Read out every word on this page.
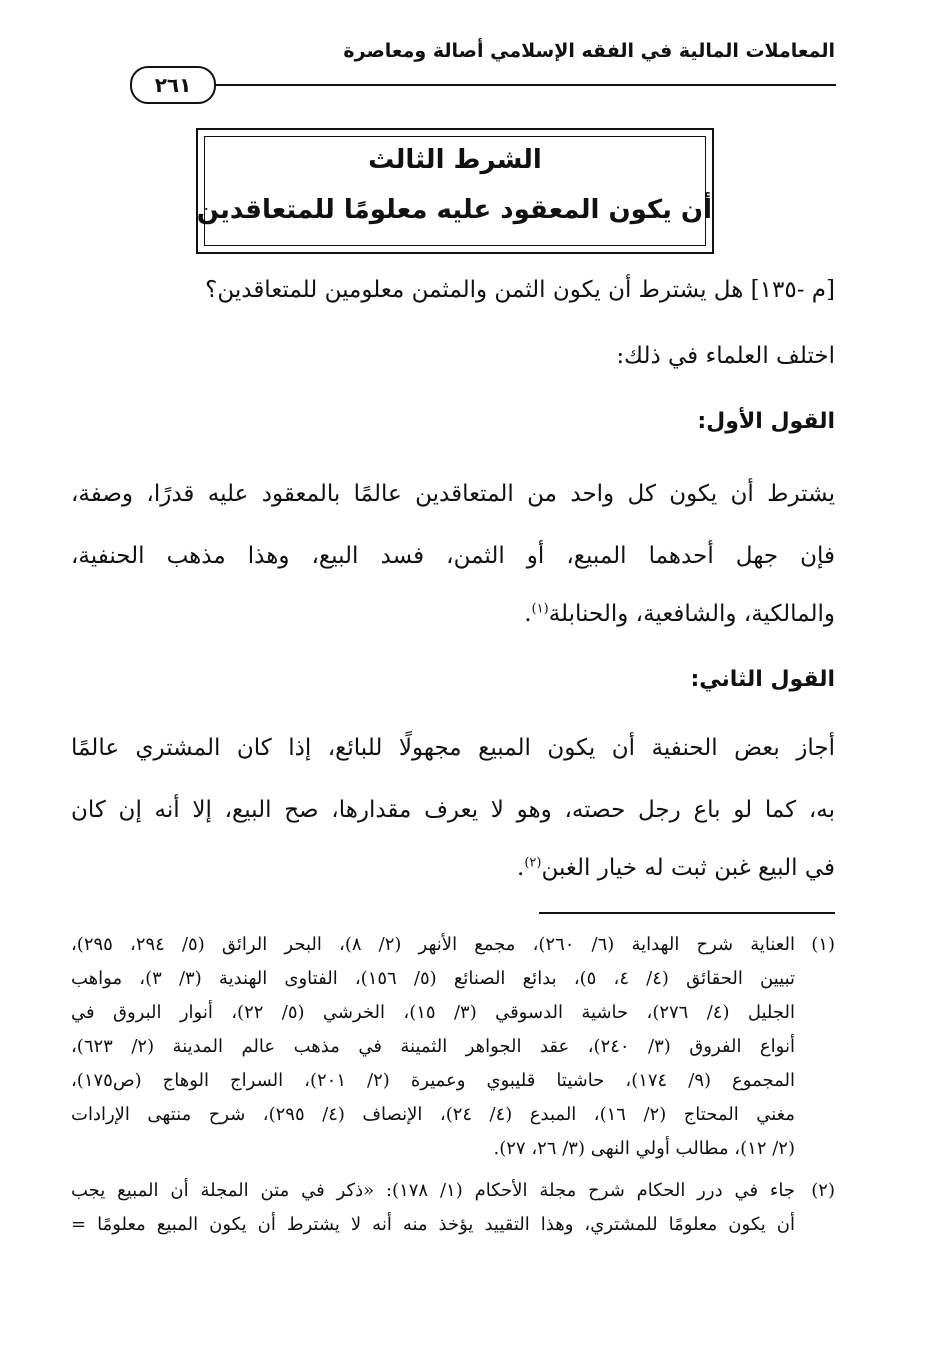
المعاملات المالية في الفقه الإسلامي أصالة ومعاصرة
٢٦١
الشرط الثالث
أن يكون المعقود عليه معلومًا للمتعاقدين
[م -١٣٥] هل يشترط أن يكون الثمن والمثمن معلومين للمتعاقدين؟
اختلف العلماء في ذلك:
القول الأول:
يشترط أن يكون كل واحد من المتعاقدين عالمًا بالمعقود عليه قدرًا، وصفة،
فإن جهل أحدهما المبيع، أو الثمن، فسد البيع، وهذا مذهب الحنفية،
والمالكية، والشافعية، والحنابلة$^{(١)}$.
القول الثاني:
أجاز بعض الحنفية أن يكون المبيع مجهولًا للبائع، إذا كان المشتري عالمًا
به، كما لو باع رجل حصته، وهو لا يعرف مقدارها، صح البيع، إلا أنه إن كان
في البيع غبن ثبت له خيار الغبن$^{(٢)}$.
(١)
العناية شرح الهداية (٦/ ٢٦٠)، مجمع الأنهر (٢/ ٨)، البحر الرائق (٥/ ٢٩٤، ٢٩٥)،
تبيين الحقائق (٤/ ٤، ٥)، بدائع الصنائع (٥/ ١٥٦)، الفتاوى الهندية (٣/ ٣)، مواهب
الجليل (٤/ ٢٧٦)، حاشية الدسوقي (٣/ ١٥)، الخرشي (٥/ ٢٢)، أنوار البروق في
أنواع الفروق (٣/ ٢٤٠)، عقد الجواهر الثمينة في مذهب عالم المدينة (٢/ ٦٢٣)،
المجموع (٩/ ١٧٤)، حاشيتا قليبوي وعميرة (٢/ ٢٠١)، السراج الوهاج (ص١٧٥)،
مغني المحتاج (٢/ ١٦)، المبدع (٤/ ٢٤)، الإنصاف (٤/ ٢٩٥)، شرح منتهى الإرادات
(٢/ ١٢)، مطالب أولي النهى (٣/ ٢٦، ٢٧).
(٢)
جاء في درر الحكام شرح مجلة الأحكام (١/ ١٧٨): «ذكر في متن المجلة أن المبيع يجب
أن يكون معلومًا للمشتري، وهذا التقييد يؤخذ منه أنه لا يشترط أن يكون المبيع معلومًا =
